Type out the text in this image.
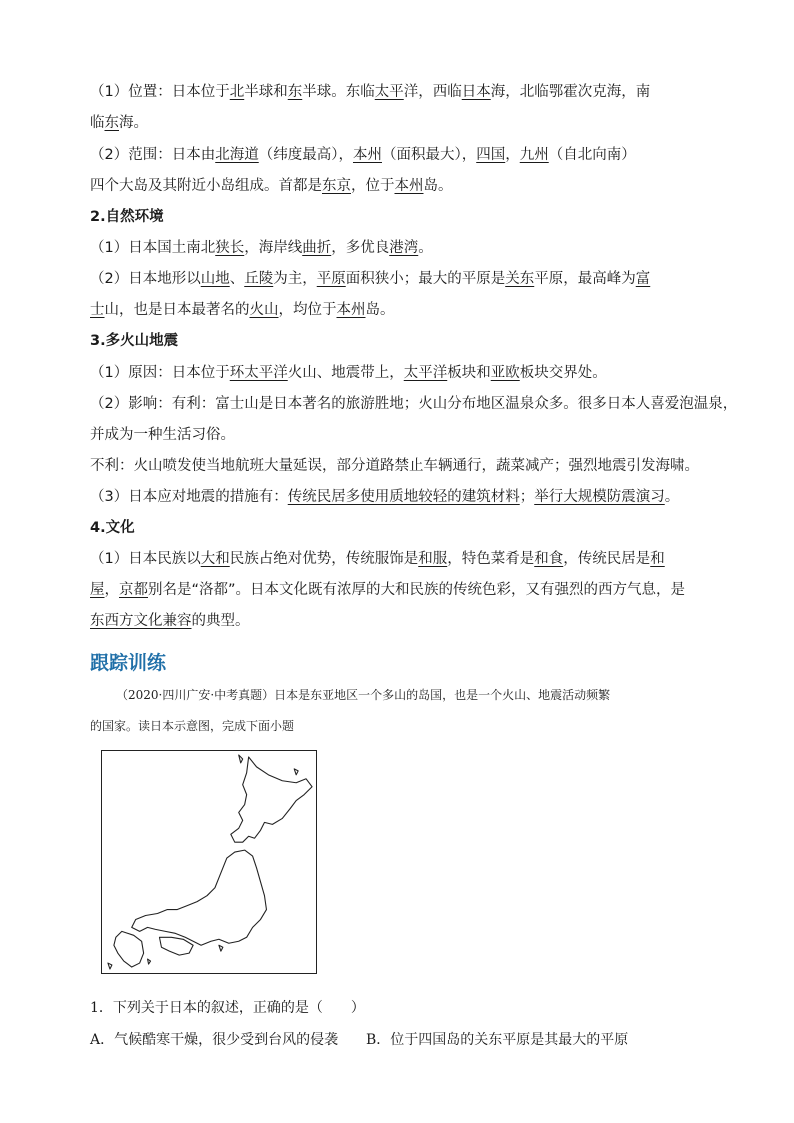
（1）位置：日本位于北半球和东半球。东临太平洋，西临日本海，北临鄂霍次克海，南
临东海。
（2）范围：日本由北海道（纬度最高），本州（面积最大），四国，九州（自北向南）
四个大岛及其附近小岛组成。首都是东京，位于本州岛。
2.自然环境
（1）日本国土南北狭长，海岸线曲折，多优良港湾。
（2）日本地形以山地、丘陵为主，平原面积狭小；最大的平原是关东平原，最高峰为富
士山，也是日本最著名的火山，均位于本州岛。
3.多火山地震
（1）原因：日本位于环太平洋火山、地震带上，太平洋板块和亚欧板块交界处。
（2）影响：有利：富士山是日本著名的旅游胜地；火山分布地区温泉众多。很多日本人喜爱泡温泉，
并成为一种生活习俗。
不利：火山喷发使当地航班大量延误，部分道路禁止车辆通行，蔬菜减产；强烈地震引发海啸。
（3）日本应对地震的措施有：传统民居多使用质地较轻的建筑材料；举行大规模防震演习。
4.文化
（1）日本民族以大和民族占绝对优势，传统服饰是和服，特色菜肴是和食，传统民居是和
屋，京都别名是“洛都”。日本文化既有浓厚的大和民族的传统色彩，又有强烈的西方气息，是
东西方文化兼容的典型。
跟踪训练
（2020·四川广安·中考真题）日本是东亚地区一个多山的岛国，也是一个火山、地震活动频繁
的国家。读日本示意图，完成下面小题
1．下列关于日本的叙述，正确的是（　　）
A．气候酷寒干燥，很少受到台风的侵袭 B．位于四国岛的关东平原是其最大的平原
